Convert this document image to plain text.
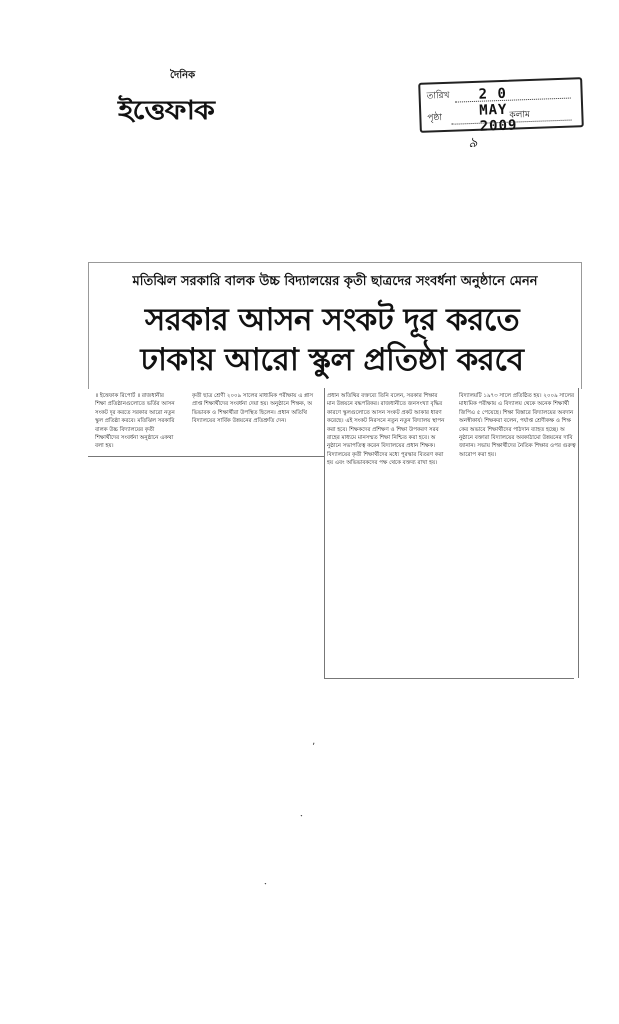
দৈনিক
ইত্তেফাক	তারিখ 2 0 MAY 2009
পৃষ্ঠা
৯
কলাম
মতিঝিল সরকারি বালক উচ্চ বিদ্যালয়ের কৃতী ছাত্রদের সংবর্ধনা অনুষ্ঠানে মেনন
সরকার আসন সংকট দূর করতে
ঢাকায় আরো স্কুল প্রতিষ্ঠা করবে
॥ ইত্তেফাক রিপোর্ট ॥ রাজধানীর শিক্ষা প্রতিষ্ঠানগুলোতে ভর্তির আসন সংকট দূর করতে সরকার আরো নতুন স্কুল প্রতিষ্ঠা করবে। মতিঝিল সরকারি বালক উচ্চ বিদ্যালয়ের কৃতী শিক্ষার্থীদের সংবর্ধনা অনুষ্ঠানে একথা বলা হয়।
কৃতী ছাত্র শ্রেণী ২০০৯ সালের মাধ্যমিক পরীক্ষায় এ প্লাস প্রাপ্ত শিক্ষার্থীদের সংবর্ধনা দেয়া হয়। অনুষ্ঠানে শিক্ষক, অভিভাবক ও শিক্ষার্থীরা উপস্থিত ছিলেন। প্রধান অতিথি বিদ্যালয়ের সার্বিক উন্নয়নের প্রতিশ্রুতি দেন।
প্রধান অতিথির বক্তব্যে তিনি বলেন, সরকার শিক্ষার মান উন্নয়নে বদ্ধপরিকর। রাজধানীতে জনসংখ্যা বৃদ্ধির কারণে স্কুলগুলোতে আসন সংকট প্রকট আকার ধারণ করেছে। এই সংকট নিরসনে নতুন নতুন বিদ্যালয় স্থাপন করা হবে। শিক্ষকদের প্রশিক্ষণ ও শিক্ষা উপকরণ সরবরাহের মাধ্যমে মানসম্মত শিক্ষা নিশ্চিত করা হবে। অনুষ্ঠানে সভাপতিত্ব করেন বিদ্যালয়ের প্রধান শিক্ষক। বিদ্যালয়ের কৃতী শিক্ষার্থীদের মধ্যে পুরস্কার বিতরণ করা হয় এবং অভিভাবকদের পক্ষ থেকে বক্তব্য রাখা হয়।
বিদ্যালয়টি ১৯৭৩ সালে প্রতিষ্ঠিত হয়। ২০০৯ সালের মাধ্যমিক পরীক্ষায় এ বিদ্যালয় থেকে অনেক শিক্ষার্থী জিপিএ ৫ পেয়েছে। শিক্ষা বিস্তারে বিদ্যালয়ের অবদান অনস্বীকার্য। শিক্ষকরা বলেন, পর্যাপ্ত শ্রেণীকক্ষ ও শিক্ষকের অভাবে শিক্ষার্থীদের পাঠদান ব্যাহত হচ্ছে। অনুষ্ঠানে বক্তারা বিদ্যালয়ের অবকাঠামো উন্নয়নের দাবি জানান। সভায় শিক্ষার্থীদের নৈতিক শিক্ষার ওপর গুরুত্ব আরোপ করা হয়।
ʼ
ˑ
ˑ
